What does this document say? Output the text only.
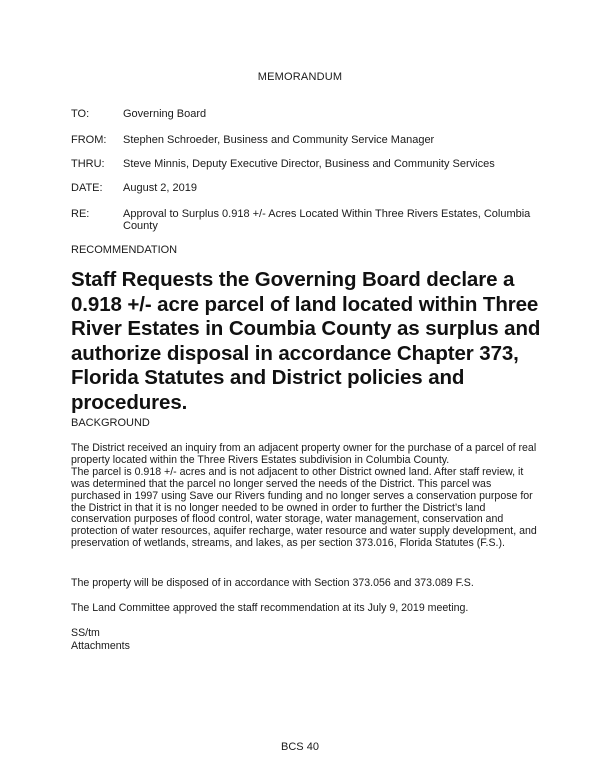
MEMORANDUM
TO:	Governing Board
FROM:	Stephen Schroeder, Business and Community Service Manager
THRU:	Steve Minnis, Deputy Executive Director, Business and Community Services
DATE:	August 2, 2019
RE:	Approval to Surplus 0.918 +/- Acres Located Within Three Rivers Estates, Columbia County
RECOMMENDATION
Staff Requests the Governing Board declare a 0.918 +/- acre parcel of land located within Three River Estates in Coumbia County as surplus and authorize disposal in accordance Chapter 373, Florida Statutes and District policies and procedures.
BACKGROUND

The District received an inquiry from an adjacent property owner for the purchase of a parcel of real property located within the Three Rivers Estates subdivision in Columbia County.

The parcel is 0.918 +/- acres and is not adjacent to other District owned land. After staff review, it was determined that the parcel no longer served the needs of the District. This parcel was purchased in 1997 using Save our Rivers funding and no longer serves a conservation purpose for the District in that it is no longer needed to be owned in order to further the District’s land conservation purposes of flood control, water storage, water management, conservation and protection of water resources, aquifer recharge, water resource and water supply development, and preservation of wetlands, streams, and lakes, as per section 373.016, Florida Statutes (F.S.).

The property will be disposed of in accordance with Section 373.056 and 373.089 F.S.
The Land Committee approved the staff recommendation at its July 9, 2019 meeting.
SS/tm
Attachments
BCS 40
